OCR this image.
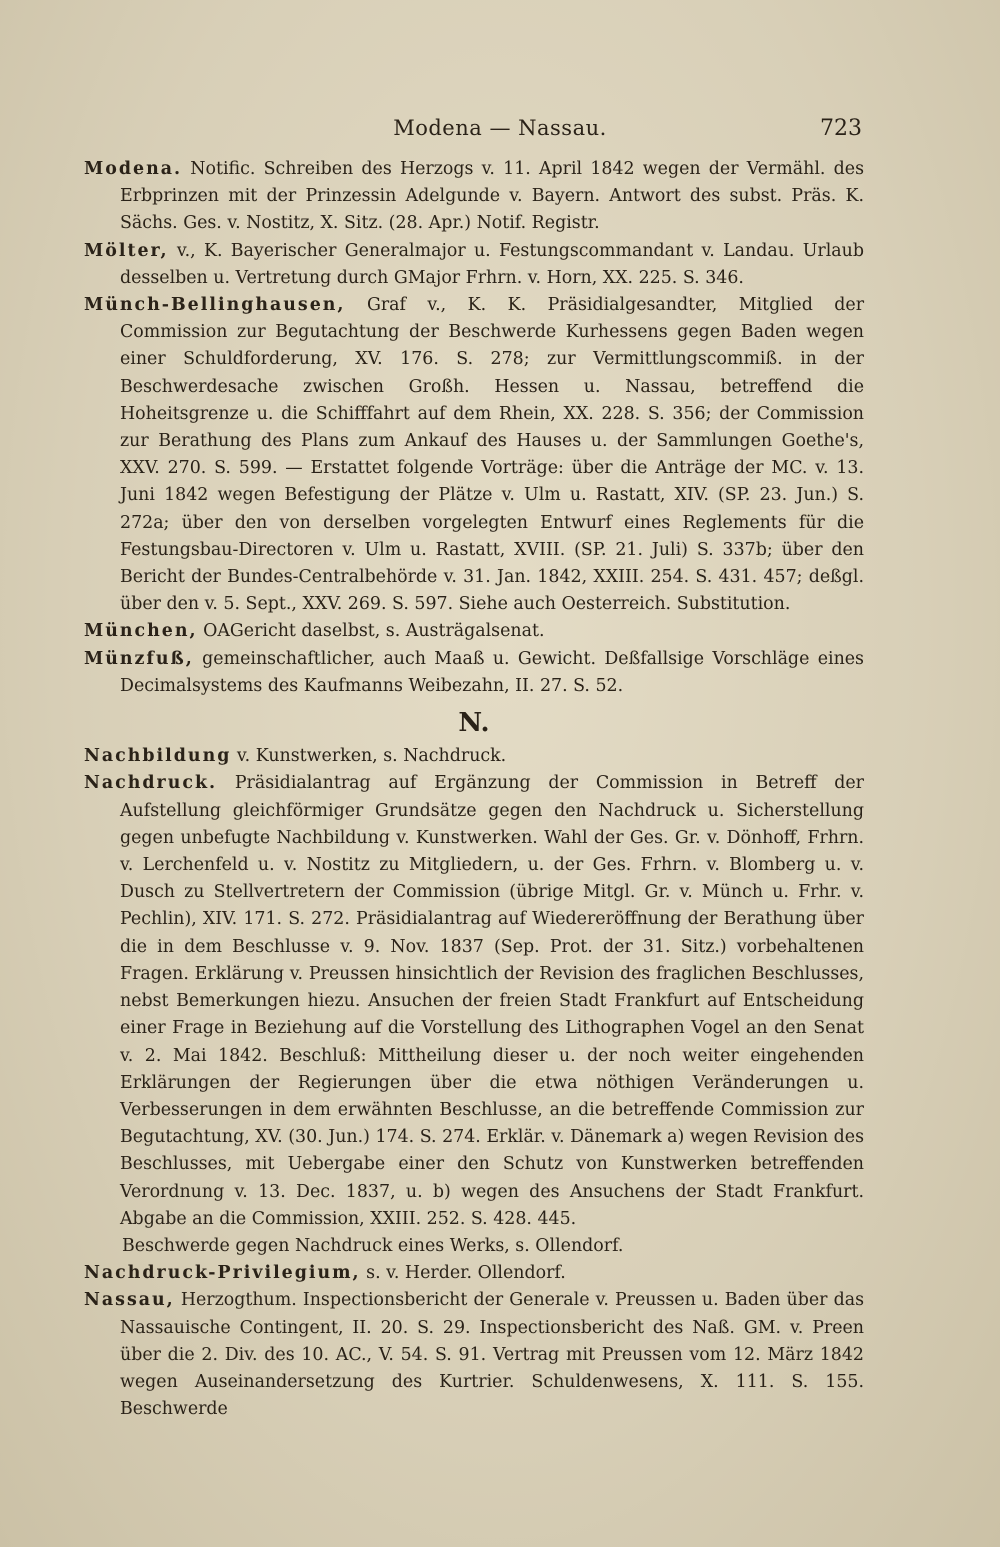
Modena — Nassau.	723

Modena. Notific. Schreiben des Herzogs v. 11. April 1842 wegen der Vermähl. des Erbprinzen mit der Prinzessin Adelgunde v. Bayern. Antwort des subst. Präs. K. Sächs. Ges. v. Nostitz, X. Sitz. (28. Apr.) Notif. Registr.

Mölter, v., K. Bayerischer Generalmajor u. Festungscommandant v. Landau. Urlaub desselben u. Vertretung durch GMajor Frhrn. v. Horn, XX. 225. S. 346.

Münch-Bellinghausen, Graf v., K. K. Präsidialgesandter, Mitglied der Commission zur Begutachtung der Beschwerde Kurhessens gegen Baden wegen einer Schuldforderung, XV. 176. S. 278; zur Vermittlungscommiß. in der Beschwerdesache zwischen Großh. Hessen u. Nassau, betreffend die Hoheitsgrenze u. die Schifffahrt auf dem Rhein, XX. 228. S. 356; der Commission zur Berathung des Plans zum Ankauf des Hauses u. der Sammlungen Goethe's, XXV. 270. S. 599. — Erstattet folgende Vorträge: über die Anträge der MC. v. 13. Juni 1842 wegen Befestigung der Plätze v. Ulm u. Rastatt, XIV. (SP. 23. Jun.) S. 272a; über den von derselben vorgelegten Entwurf eines Reglements für die Festungsbau-Directoren v. Ulm u. Rastatt, XVIII. (SP. 21. Juli) S. 337b; über den Bericht der Bundes-Centralbehörde v. 31. Jan. 1842, XXIII. 254. S. 431. 457; deßgl. über den v. 5. Sept., XXV. 269. S. 597. Siehe auch Oesterreich. Substitution.

München, OAGericht daselbst, s. Austrägalsenat.

Münzfuß, gemeinschaftlicher, auch Maaß u. Gewicht. Deßfallsige Vorschläge eines Decimalsystems des Kaufmanns Weibezahn, II. 27. S. 52.

N.

Nachbildung v. Kunstwerken, s. Nachdruck.

Nachdruck. Präsidialantrag auf Ergänzung der Commission in Betreff der Aufstellung gleichförmiger Grundsätze gegen den Nachdruck u. Sicherstellung gegen unbefugte Nachbildung v. Kunstwerken. Wahl der Ges. Gr. v. Dönhoff, Frhrn. v. Lerchenfeld u. v. Nostitz zu Mitgliedern, u. der Ges. Frhrn. v. Blomberg u. v. Dusch zu Stellvertretern der Commission (übrige Mitgl. Gr. v. Münch u. Frhr. v. Pechlin), XIV. 171. S. 272. Präsidialantrag auf Wiedereröffnung der Berathung über die in dem Beschlusse v. 9. Nov. 1837 (Sep. Prot. der 31. Sitz.) vorbehaltenen Fragen. Erklärung v. Preussen hinsichtlich der Revision des fraglichen Beschlusses, nebst Bemerkungen hiezu. Ansuchen der freien Stadt Frankfurt auf Entscheidung einer Frage in Beziehung auf die Vorstellung des Lithographen Vogel an den Senat v. 2. Mai 1842. Beschluß: Mittheilung dieser u. der noch weiter eingehenden Erklärungen der Regierungen über die etwa nöthigen Veränderungen u. Verbesserungen in dem erwähnten Beschlusse, an die betreffende Commission zur Begutachtung, XV. (30. Jun.) 174. S. 274. Erklär. v. Dänemark a) wegen Revision des Beschlusses, mit Uebergabe einer den Schutz von Kunstwerken betreffenden Verordnung v. 13. Dec. 1837, u. b) wegen des Ansuchens der Stadt Frankfurt. Abgabe an die Commission, XXIII. 252. S. 428. 445.

Beschwerde gegen Nachdruck eines Werks, s. Ollendorf.

Nachdruck-Privilegium, s. v. Herder. Ollendorf.

Nassau, Herzogthum. Inspectionsbericht der Generale v. Preussen u. Baden über das Nassauische Contingent, II. 20. S. 29. Inspectionsbericht des Naß. GM. v. Preen über die 2. Div. des 10. AC., V. 54. S. 91. Vertrag mit Preussen vom 12. März 1842 wegen Auseinandersetzung des Kurtrier. Schuldenwesens, X. 111. S. 155. Beschwerde
